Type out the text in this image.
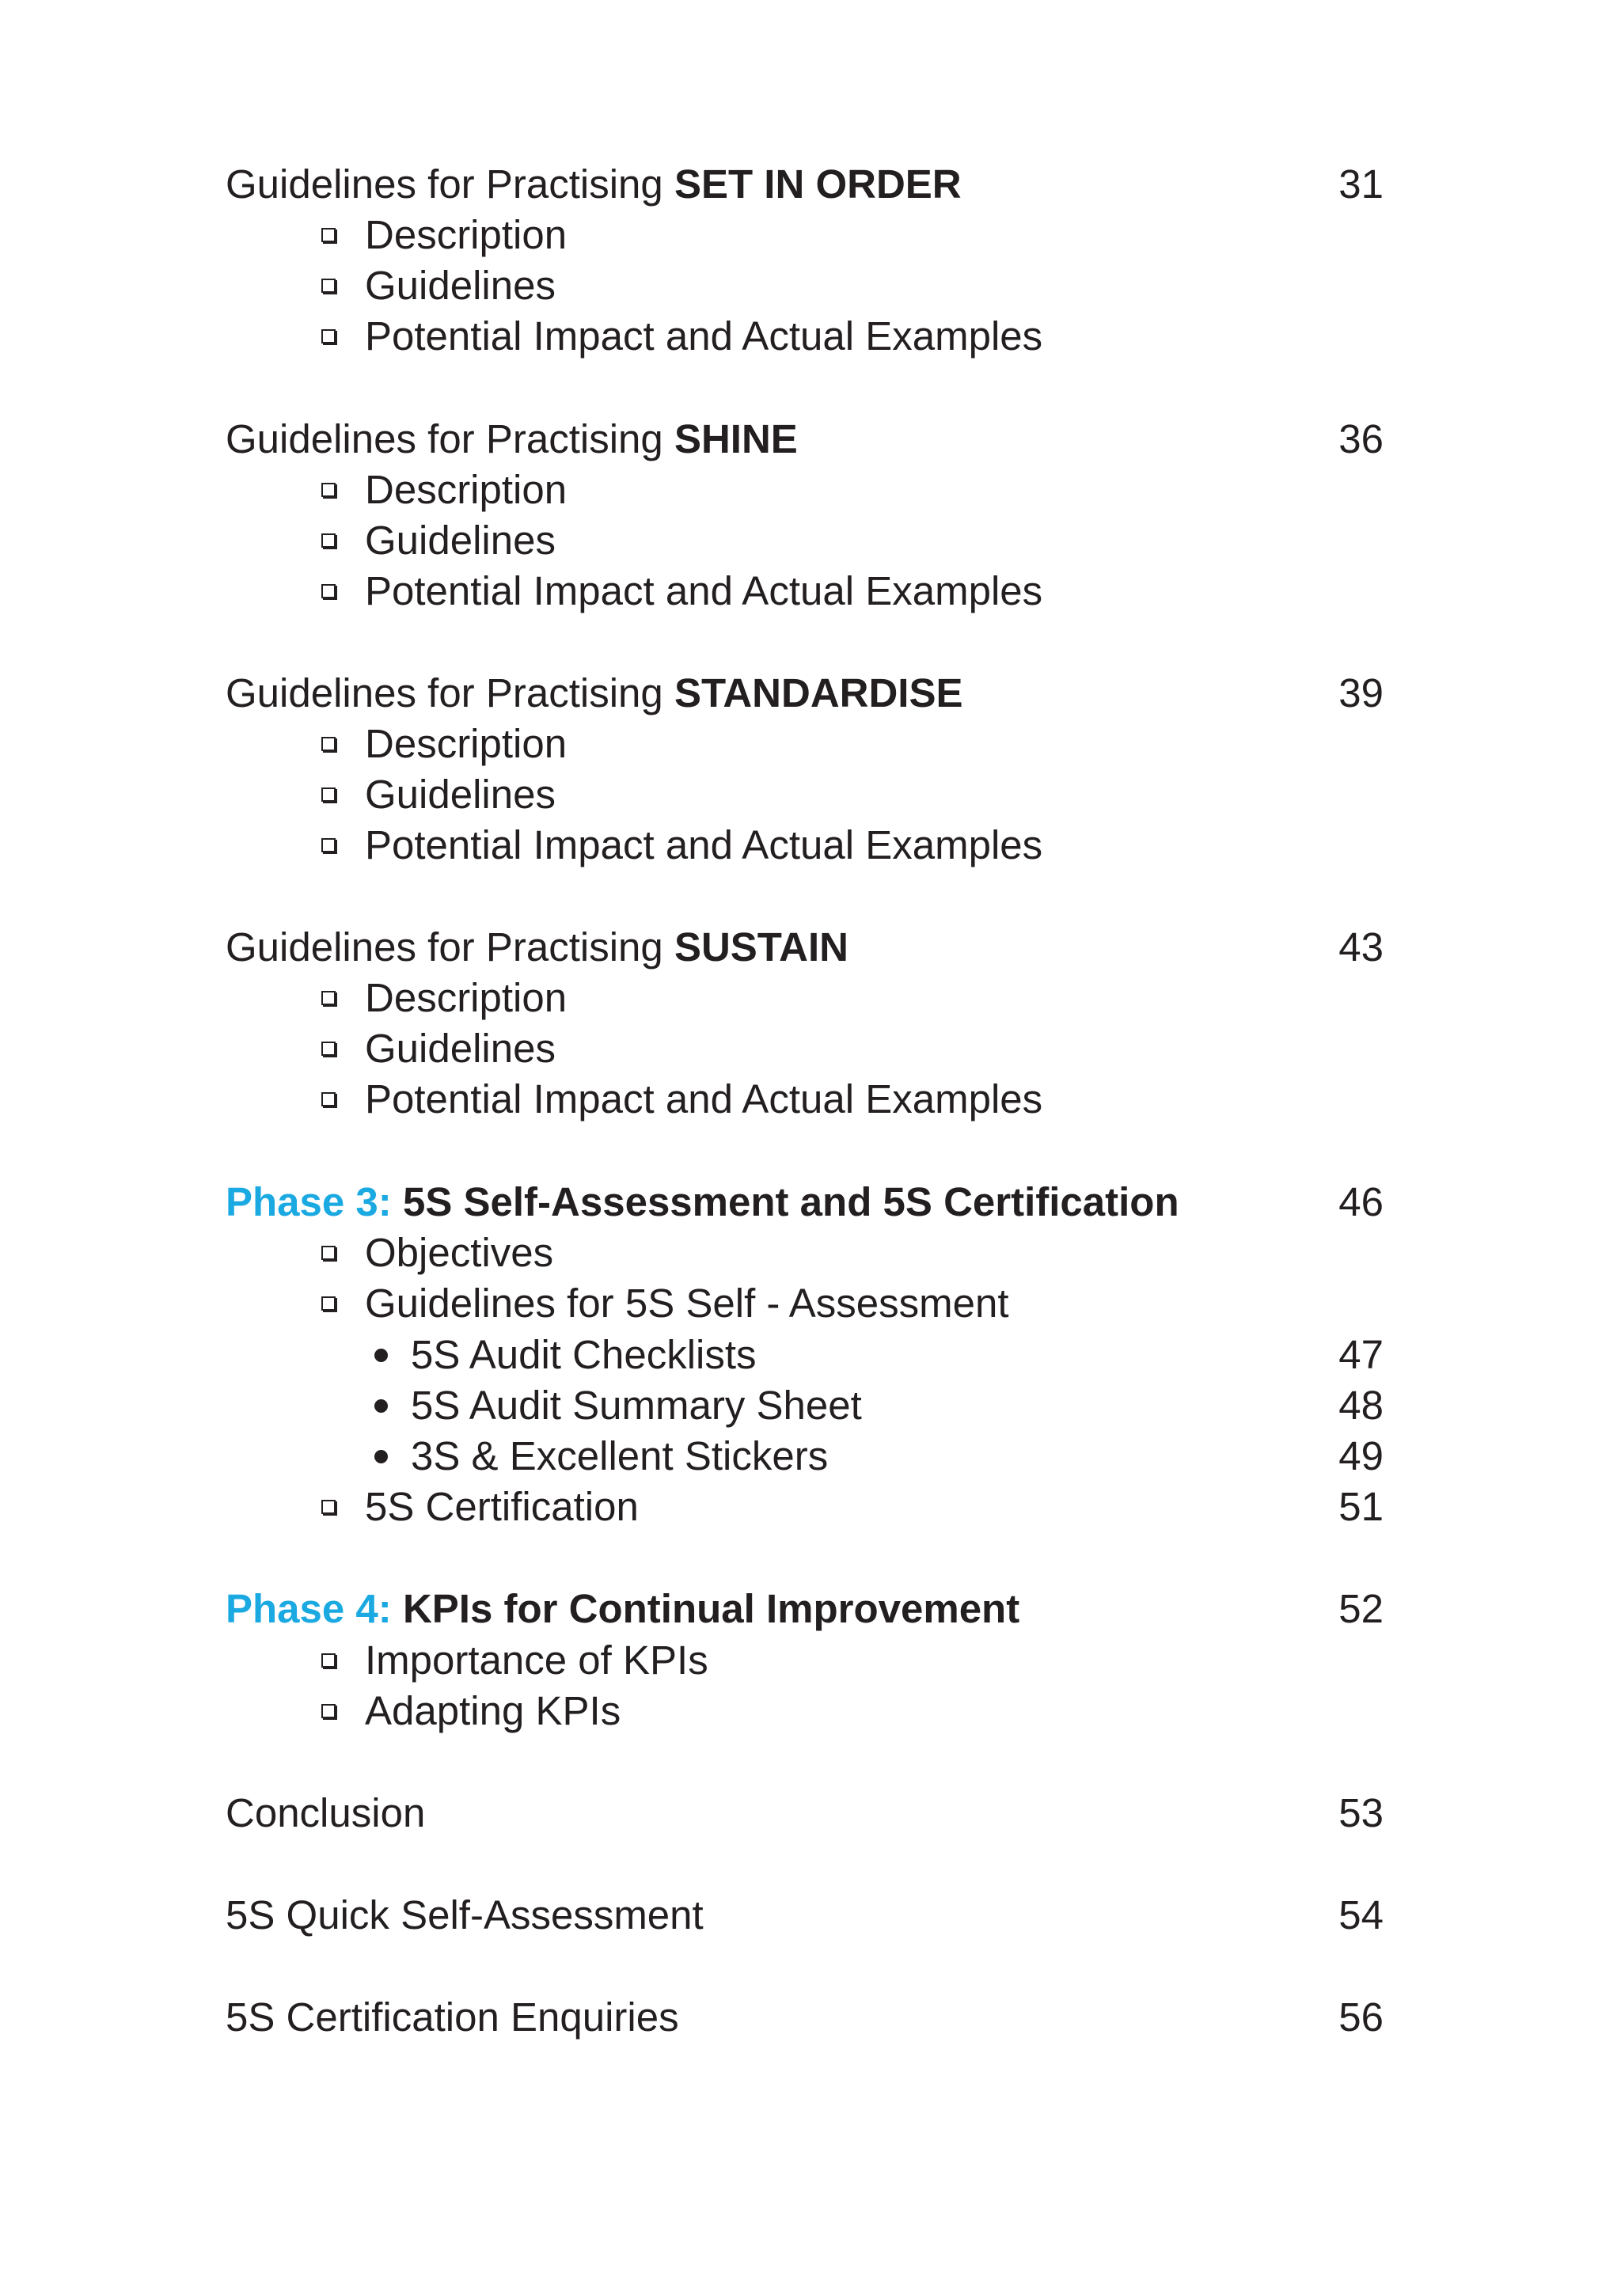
Guidelines for Practising SET IN ORDER	31
Description
Guidelines
Potential Impact and Actual Examples
Guidelines for Practising SHINE	36
Description
Guidelines
Potential Impact and Actual Examples
Guidelines for Practising STANDARDISE	39
Description
Guidelines
Potential Impact and Actual Examples
Guidelines for Practising SUSTAIN	43
Description
Guidelines
Potential Impact and Actual Examples
Phase 3: 5S Self-Assessment and 5S Certification	46
Objectives
Guidelines for 5S Self - Assessment
5S Audit Checklists	47
5S Audit Summary Sheet	48
3S & Excellent Stickers	49
5S Certification	51
Phase 4: KPIs for Continual Improvement	52
Importance of KPIs
Adapting KPIs
Conclusion	53
5S Quick Self-Assessment	54
5S Certification Enquiries	56
